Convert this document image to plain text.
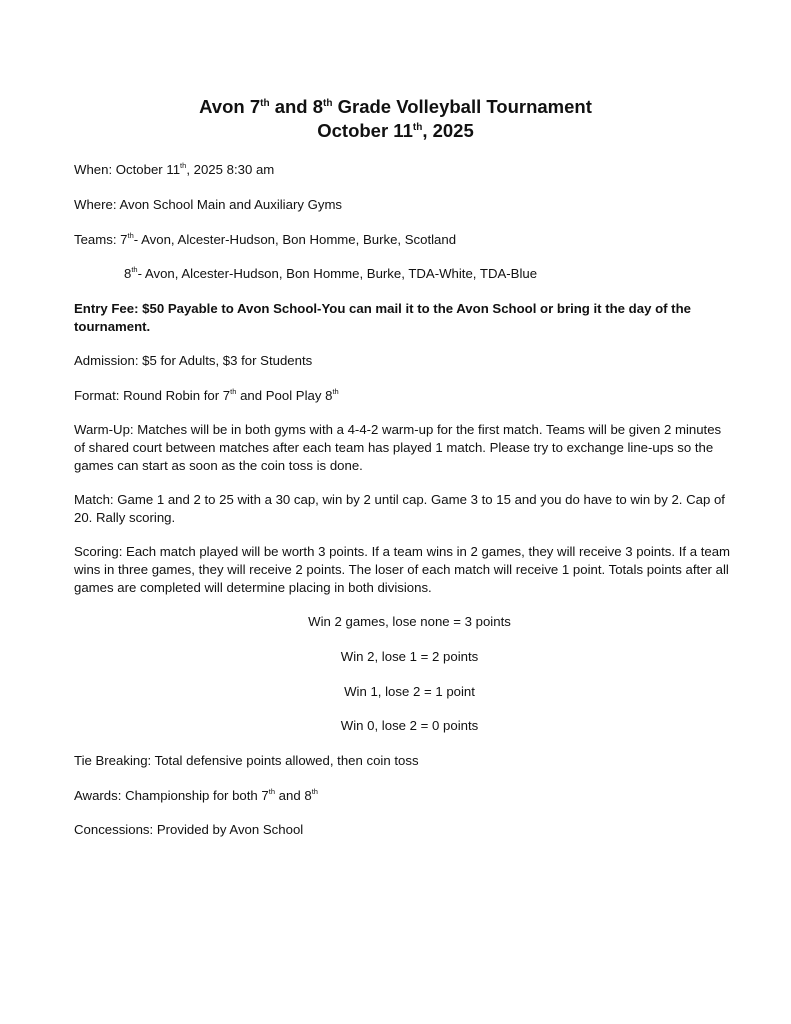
Avon 7th and 8th Grade Volleyball Tournament
October 11th, 2025

When: October 11th, 2025 8:30 am

Where: Avon School Main and Auxiliary Gyms

Teams: 7th- Avon, Alcester-Hudson, Bon Homme, Burke, Scotland

8th- Avon, Alcester-Hudson, Bon Homme, Burke, TDA-White, TDA-Blue

Entry Fee: $50 Payable to Avon School-You can mail it to the Avon School or bring it the day of the tournament.

Admission: $5 for Adults, $3 for Students

Format: Round Robin for 7th and Pool Play 8th

Warm-Up: Matches will be in both gyms with a 4-4-2 warm-up for the first match. Teams will be given 2 minutes of shared court between matches after each team has played 1 match. Please try to exchange line-ups so the games can start as soon as the coin toss is done.

Match: Game 1 and 2 to 25 with a 30 cap, win by 2 until cap. Game 3 to 15 and you do have to win by 2. Cap of 20. Rally scoring.

Scoring: Each match played will be worth 3 points. If a team wins in 2 games, they will receive 3 points. If a team wins in three games, they will receive 2 points. The loser of each match will receive 1 point. Totals points after all games are completed will determine placing in both divisions.

Win 2 games, lose none = 3 points

Win 2, lose 1 = 2 points

Win 1, lose 2 = 1 point

Win 0, lose 2 = 0 points

Tie Breaking: Total defensive points allowed, then coin toss

Awards: Championship for both 7th and 8th

Concessions: Provided by Avon School
